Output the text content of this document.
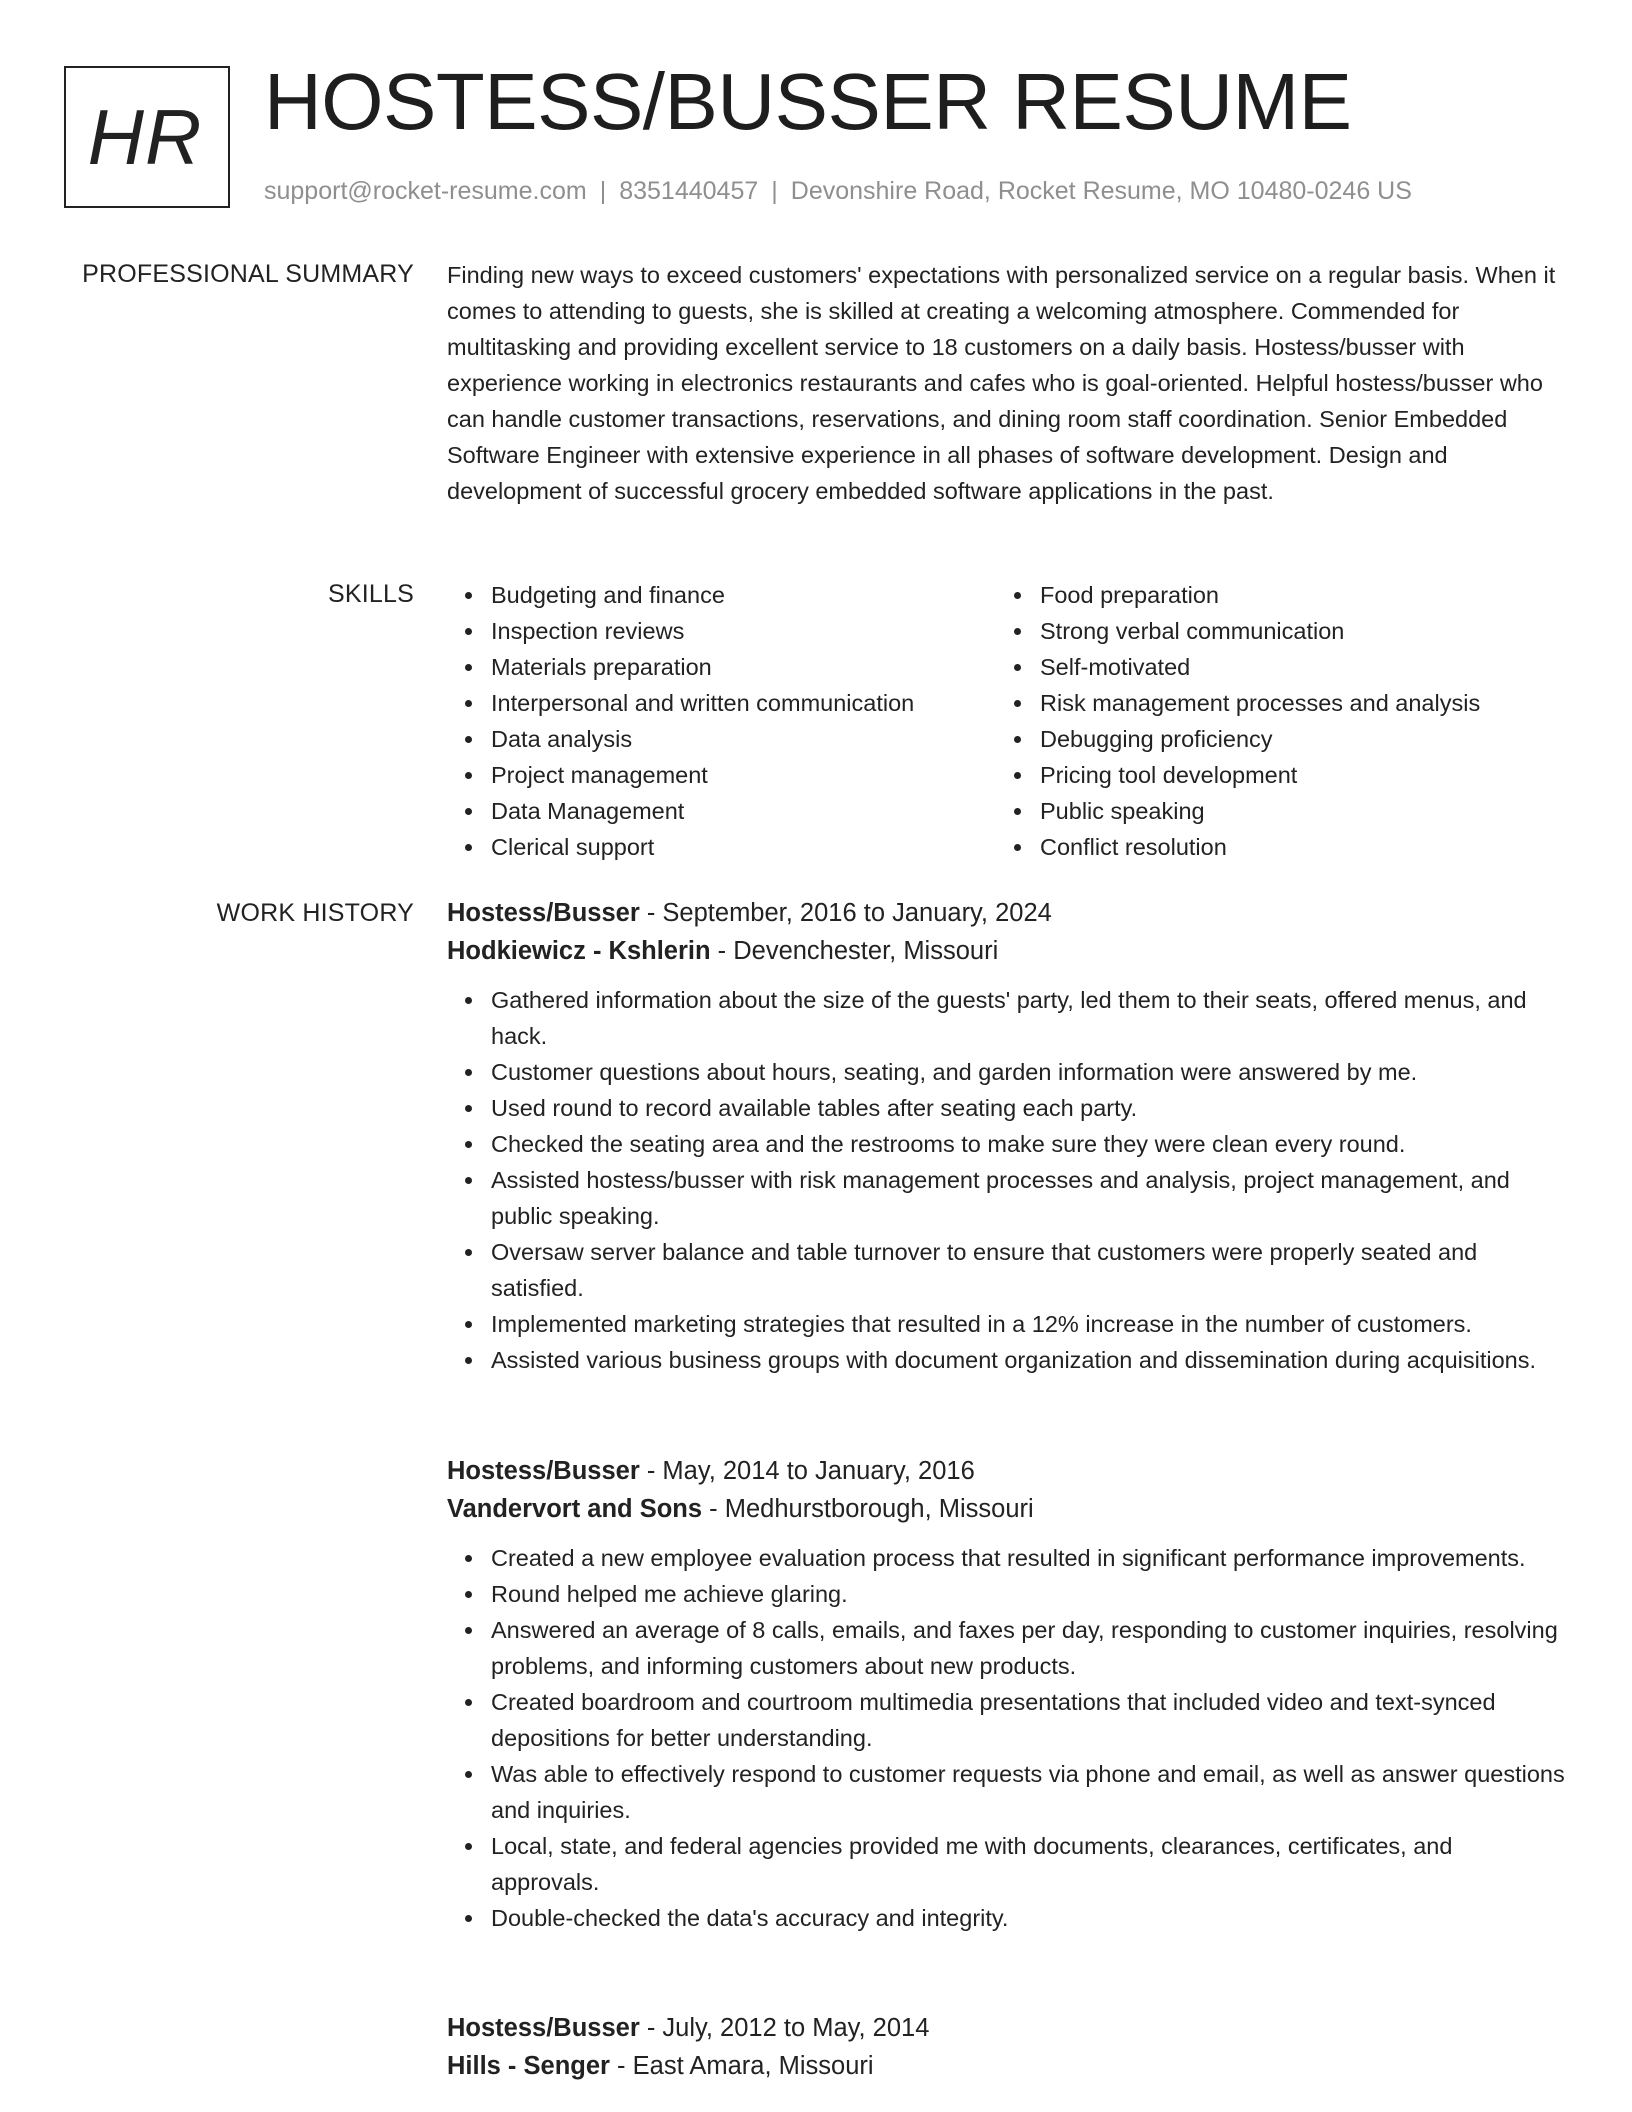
HR HOSTESS/BUSSER RESUME
support@rocket-resume.com | 8351440457 | Devonshire Road, Rocket Resume, MO 10480-0246 US
PROFESSIONAL SUMMARY Finding new ways to exceed customers' expectations with personalized service on a regular basis. When it comes to attending to guests, she is skilled at creating a welcoming atmosphere. Commended for multitasking and providing excellent service to 18 customers on a daily basis. Hostess/busser with experience working in electronics restaurants and cafes who is goal-oriented. Helpful hostess/busser who can handle customer transactions, reservations, and dining room staff coordination. Senior Embedded Software Engineer with extensive experience in all phases of software development. Design and development of successful grocery embedded software applications in the past.

SKILLS	Budgeting and finance
Inspection reviews
Materials preparation
Interpersonal and written communication
Data analysis
Project management
Data Management
Clerical support
Food preparation
Strong verbal communication
Self-motivated
Risk management processes and analysis
Debugging proficiency
Pricing tool development
Public speaking
Conflict resolution
WORK HISTORY Hostess/Busser - September, 2016 to January, 2024
Hodkiewicz - Kshlerin - Devenchester, Missouri
Gathered information about the size of the guests' party, led them to their seats, offered menus, and hack.
Customer questions about hours, seating, and garden information were answered by me.
Used round to record available tables after seating each party.
Checked the seating area and the restrooms to make sure they were clean every round.
Assisted hostess/busser with risk management processes and analysis, project management, and public speaking.
Oversaw server balance and table turnover to ensure that customers were properly seated and satisfied.
Implemented marketing strategies that resulted in a 12% increase in the number of customers.
Assisted various business groups with document organization and dissemination during acquisitions.
Hostess/Busser - May, 2014 to January, 2016
Vandervort and Sons - Medhurstborough, Missouri
Created a new employee evaluation process that resulted in significant performance improvements.
Round helped me achieve glaring.
Answered an average of 8 calls, emails, and faxes per day, responding to customer inquiries, resolving problems, and informing customers about new products.
Created boardroom and courtroom multimedia presentations that included video and text-synced depositions for better understanding.
Was able to effectively respond to customer requests via phone and email, as well as answer questions and inquiries.
Local, state, and federal agencies provided me with documents, clearances, certificates, and approvals.
Double-checked the data's accuracy and integrity.
Hostess/Busser - July, 2012 to May, 2014
Hills - Senger - East Amara, Missouri
